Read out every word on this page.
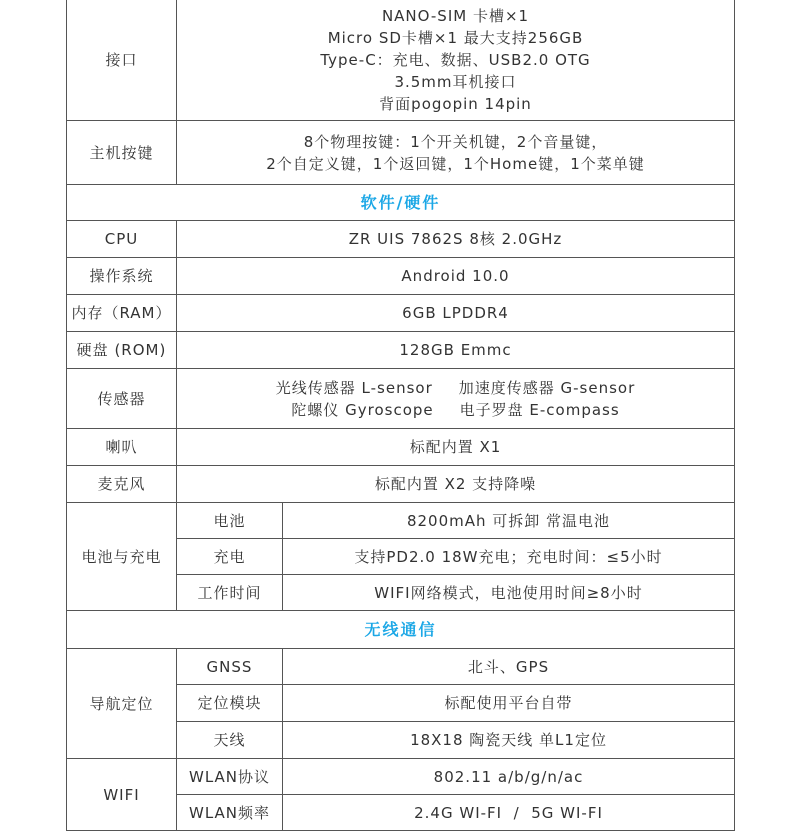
接口	NANO-SIM 卡槽×1
Micro SD卡槽×1 最大支持256GB
Type-C：充电、数据、USB2.0 OTG
3.5mm耳机接口
背面pogopin 14pin	

主机按键	8个物理按键：1个开关机键，2个音量键，
2个自定义键，1个返回键，1个Home键，1个菜单键	

软件/硬件		
CPU	ZR UIS 7862S 8核 2.0GHz	
操作系统	Android 10.0	
内存（RAM）	6GB LPDDR4	
硬盘 (ROM)	128GB Emmc	
传感器	光线传感器 L-sensor 加速度传感器 G-sensor
陀螺仪 Gyroscope 电子罗盘 E-compass	

喇叭	标配内置 X1	
麦克风	标配内置 X2 支持降噪	
电池与充电	电池	8200mAh 可拆卸 常温电池
	充电	支持PD2.0 18W充电；充电时间：≤5小时
	工作时间	WIFI网络模式，电池使用时间≥8小时
无线通信		
导航定位	GNSS	北斗、GPS
	定位模块	标配使用平台自带
	天线	18X18 陶瓷天线 单L1定位
WIFI	WLAN协议	802.11 a/b/g/n/ac
	WLAN频率	2.4G WI-FI  /  5G WI-FI
